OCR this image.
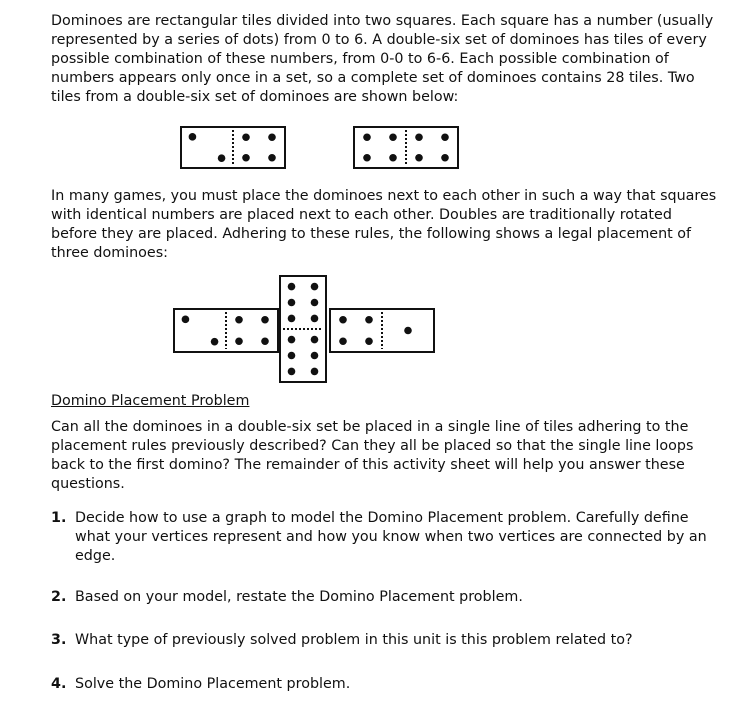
Dominoes are rectangular tiles divided into two squares. Each square has a number (usually represented by a series of dots) from 0 to 6. A double-six set of dominoes has tiles of every possible combination of these numbers, from 0-0 to 6-6. Each possible combination of numbers appears only once in a set, so a complete set of dominoes contains 28 tiles. Two tiles from a double-six set of dominoes are shown below:

In many games, you must place the dominoes next to each other in such a way that squares with identical numbers are placed next to each other. Doubles are traditionally rotated before they are placed. Adhering to these rules, the following shows a legal placement of three dominoes:

Domino Placement Problem

Can all the dominoes in a double-six set be placed in a single line of tiles adhering to the placement rules previously described? Can they all be placed so that the single line loops back to the first domino? The remainder of this activity sheet will help you answer these questions.

1. Decide how to use a graph to model the Domino Placement problem. Carefully define what your vertices represent and how you know when two vertices are connected by an edge.
2. Based on your model, restate the Domino Placement problem.
3. What type of previously solved problem in this unit is this problem related to?
4. Solve the Domino Placement problem.
